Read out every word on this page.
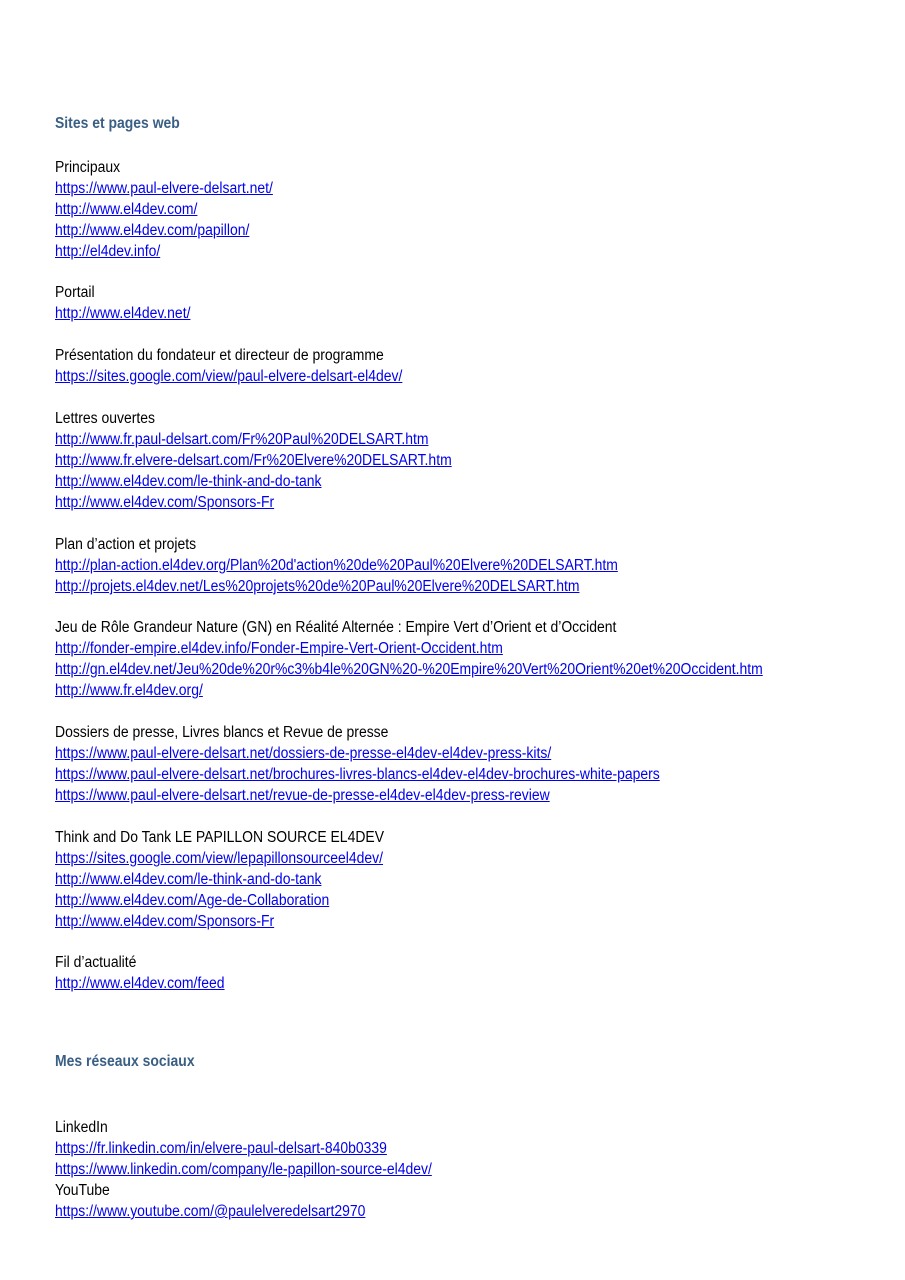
Sites et pages web
Principaux
https://www.paul-elvere-delsart.net/
http://www.el4dev.com/
http://www.el4dev.com/papillon/
http://el4dev.info/
Portail
http://www.el4dev.net/
Présentation du fondateur et directeur de programme
https://sites.google.com/view/paul-elvere-delsart-el4dev/
Lettres ouvertes
http://www.fr.paul-delsart.com/Fr%20Paul%20DELSART.htm
http://www.fr.elvere-delsart.com/Fr%20Elvere%20DELSART.htm
http://www.el4dev.com/le-think-and-do-tank
http://www.el4dev.com/Sponsors-Fr
Plan d’action et projets
http://plan-action.el4dev.org/Plan%20d'action%20de%20Paul%20Elvere%20DELSART.htm
http://projets.el4dev.net/Les%20projets%20de%20Paul%20Elvere%20DELSART.htm
Jeu de Rôle Grandeur Nature (GN) en Réalité Alternée : Empire Vert d’Orient et d’Occident
http://fonder-empire.el4dev.info/Fonder-Empire-Vert-Orient-Occident.htm
http://gn.el4dev.net/Jeu%20de%20r%c3%b4le%20GN%20-%20Empire%20Vert%20Orient%20et%20Occident.htm
http://www.fr.el4dev.org/
Dossiers de presse, Livres blancs et Revue de presse
https://www.paul-elvere-delsart.net/dossiers-de-presse-el4dev-el4dev-press-kits/
https://www.paul-elvere-delsart.net/brochures-livres-blancs-el4dev-el4dev-brochures-white-papers
https://www.paul-elvere-delsart.net/revue-de-presse-el4dev-el4dev-press-review
Think and Do Tank LE PAPILLON SOURCE EL4DEV
https://sites.google.com/view/lepapillonsourceel4dev/
http://www.el4dev.com/le-think-and-do-tank
http://www.el4dev.com/Age-de-Collaboration
http://www.el4dev.com/Sponsors-Fr
Fil d’actualité
http://www.el4dev.com/feed
Mes réseaux sociaux
LinkedIn
https://fr.linkedin.com/in/elvere-paul-delsart-840b0339
https://www.linkedin.com/company/le-papillon-source-el4dev/
YouTube
https://www.youtube.com/@paulelveredelsart2970
